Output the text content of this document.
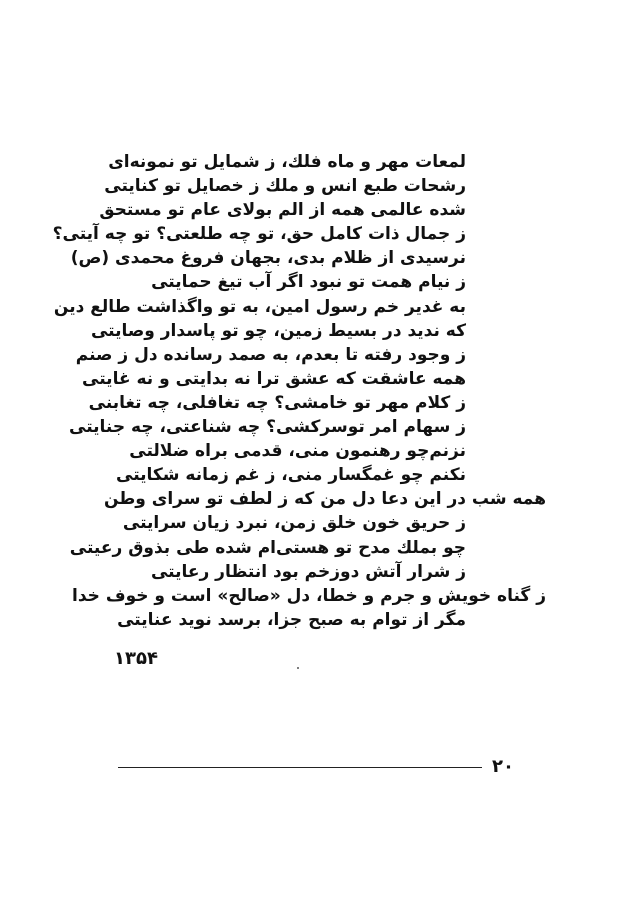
لمعات مهر و ماه فلك، ز شمایل تو نمونه‌ای
رشحات طبع انس و ملك ز خصایل تو كنایتی
شده عالمی همه از الم بولای عام تو مستحق
ز جمال ذات كامل حق، تو چه طلعتی؟ تو چه آیتی؟
نرسیدی از ظلام بدی، بجهان فروغ محمدی (ص)
ز نیام همت تو نبود اگر آب تیغ حمایتی
به غدیر خم رسول امین، به تو واگذاشت طالع دین
كه ندید در بسیط زمین، چو تو پاسدار وصایتی
ز وجود رفته تا بعدم، به صمد رسانده دل ز صنم
همه عاشقت كه عشق ترا نه بدایتی و نه غایتی
ز كلام مهر تو خامشی؟ چه تغافلی، چه تغابنی
ز سهام امر توسركشی؟ چه شناعتی، چه جنایتی
نزنم‌چو رهنمون منی، قدمی براه ضلالتی
نكنم چو غمگسار منی، ز غم زمانه شكایتی
همه شب در این دعا دل من كه ز لطف تو سرای وطن
ز حریق خون خلق زمن، نبرد زیان سرایتی
چو بملك مدح تو هستی‌ام شده طی بذوق رعیتی
ز شرار آتش دوزخم بود انتظار رعایتی
ز گناه خویش و جرم و خطا، دل «صالح» است و خوف خدا
مگر از توام به صبح جزا، برسد نوید عنایتی
۱۳۵۴
۲۰
